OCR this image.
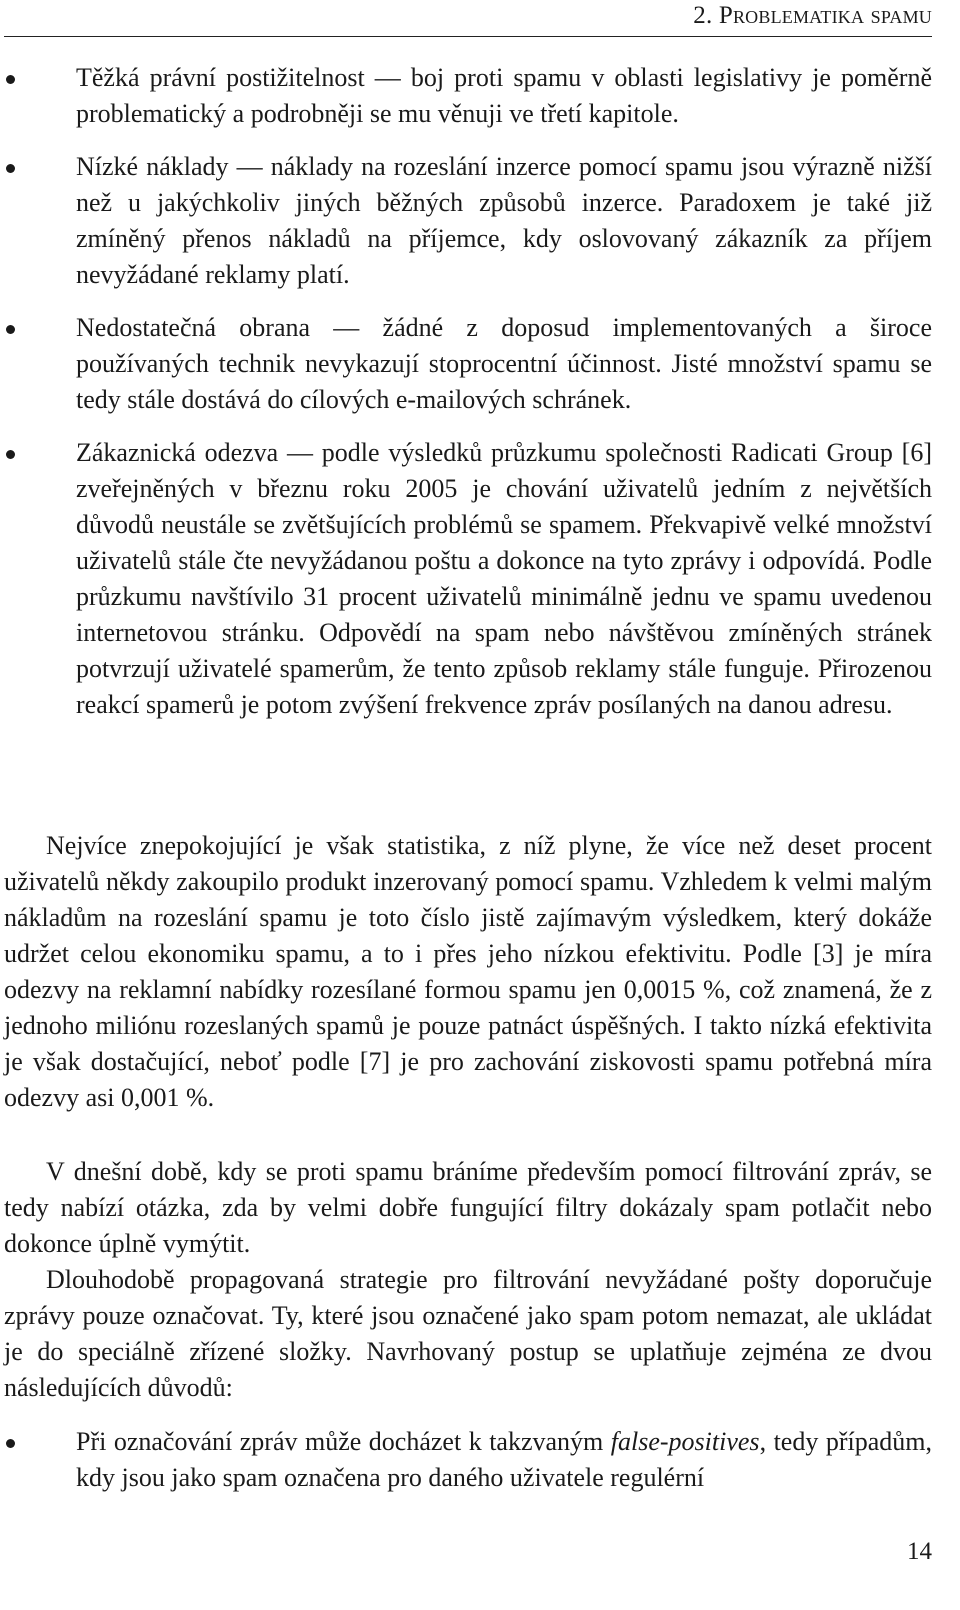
2. Problematika spamu
Těžká právní postižitelnost — boj proti spamu v oblasti legislativy je poměrně problematický a podrobněji se mu věnuji ve třetí kapitole.
Nízké náklady — náklady na rozeslání inzerce pomocí spamu jsou výrazně nižší než u jakýchkoliv jiných běžných způsobů inzerce. Paradoxem je také již zmíněný přenos nákladů na příjemce, kdy oslovovaný zákazník za příjem nevyžádané reklamy platí.
Nedostatečná obrana — žádné z doposud implementovaných a široce používaných technik nevykazují stoprocentní účinnost. Jisté množství spamu se tedy stále dostává do cílových e-mailových schránek.
Zákaznická odezva — podle výsledků průzkumu společnosti Radicati Group [6] zveřejněných v březnu roku 2005 je chování uživatelů jedním z největších důvodů neustále se zvětšujících problémů se spamem. Překvapivě velké množství uživatelů stále čte nevyžádanou poštu a dokonce na tyto zprávy i odpovídá. Podle průzkumu navštívilo 31 procent uživatelů minimálně jednu ve spamu uvedenou internetovou stránku. Odpovědí na spam nebo návštěvou zmíněných stránek potvrzují uživatelé spamerům, že tento způsob reklamy stále funguje. Přirozenou reakcí spamerů je potom zvýšení frekvence zpráv posílaných na danou adresu.

Nejvíce znepokojující je však statistika, z níž plyne, že více než deset procent uživatelů někdy zakoupilo produkt inzerovaný pomocí spamu. Vzhledem k velmi malým nákladům na rozeslání spamu je toto číslo jistě zajímavým výsledkem, který dokáže udržet celou ekonomiku spamu, a to i přes jeho nízkou efektivitu. Podle [3] je míra odezvy na reklamní nabídky rozesílané formou spamu jen 0,0015 %, což znamená, že z jednoho miliónu rozeslaných spamů je pouze patnáct úspěšných. I takto nízká efektivita je však dostačující, neboť podle [7] je pro zachování ziskovosti spamu potřebná míra odezvy asi 0,001 %.

V dnešní době, kdy se proti spamu bráníme především pomocí filtrování zpráv, se tedy nabízí otázka, zda by velmi dobře fungující filtry dokázaly spam potlačit nebo dokonce úplně vymýtit.

Dlouhodobě propagovaná strategie pro filtrování nevyžádané pošty doporučuje zprávy pouze označovat. Ty, které jsou označené jako spam potom nemazat, ale ukládat je do speciálně zřízené složky. Navrhovaný postup se uplatňuje zejména ze dvou následujících důvodů:

Při označování zpráv může docházet k takzvaným false-positives, tedy případům, kdy jsou jako spam označena pro daného uživatele regulérní
14
